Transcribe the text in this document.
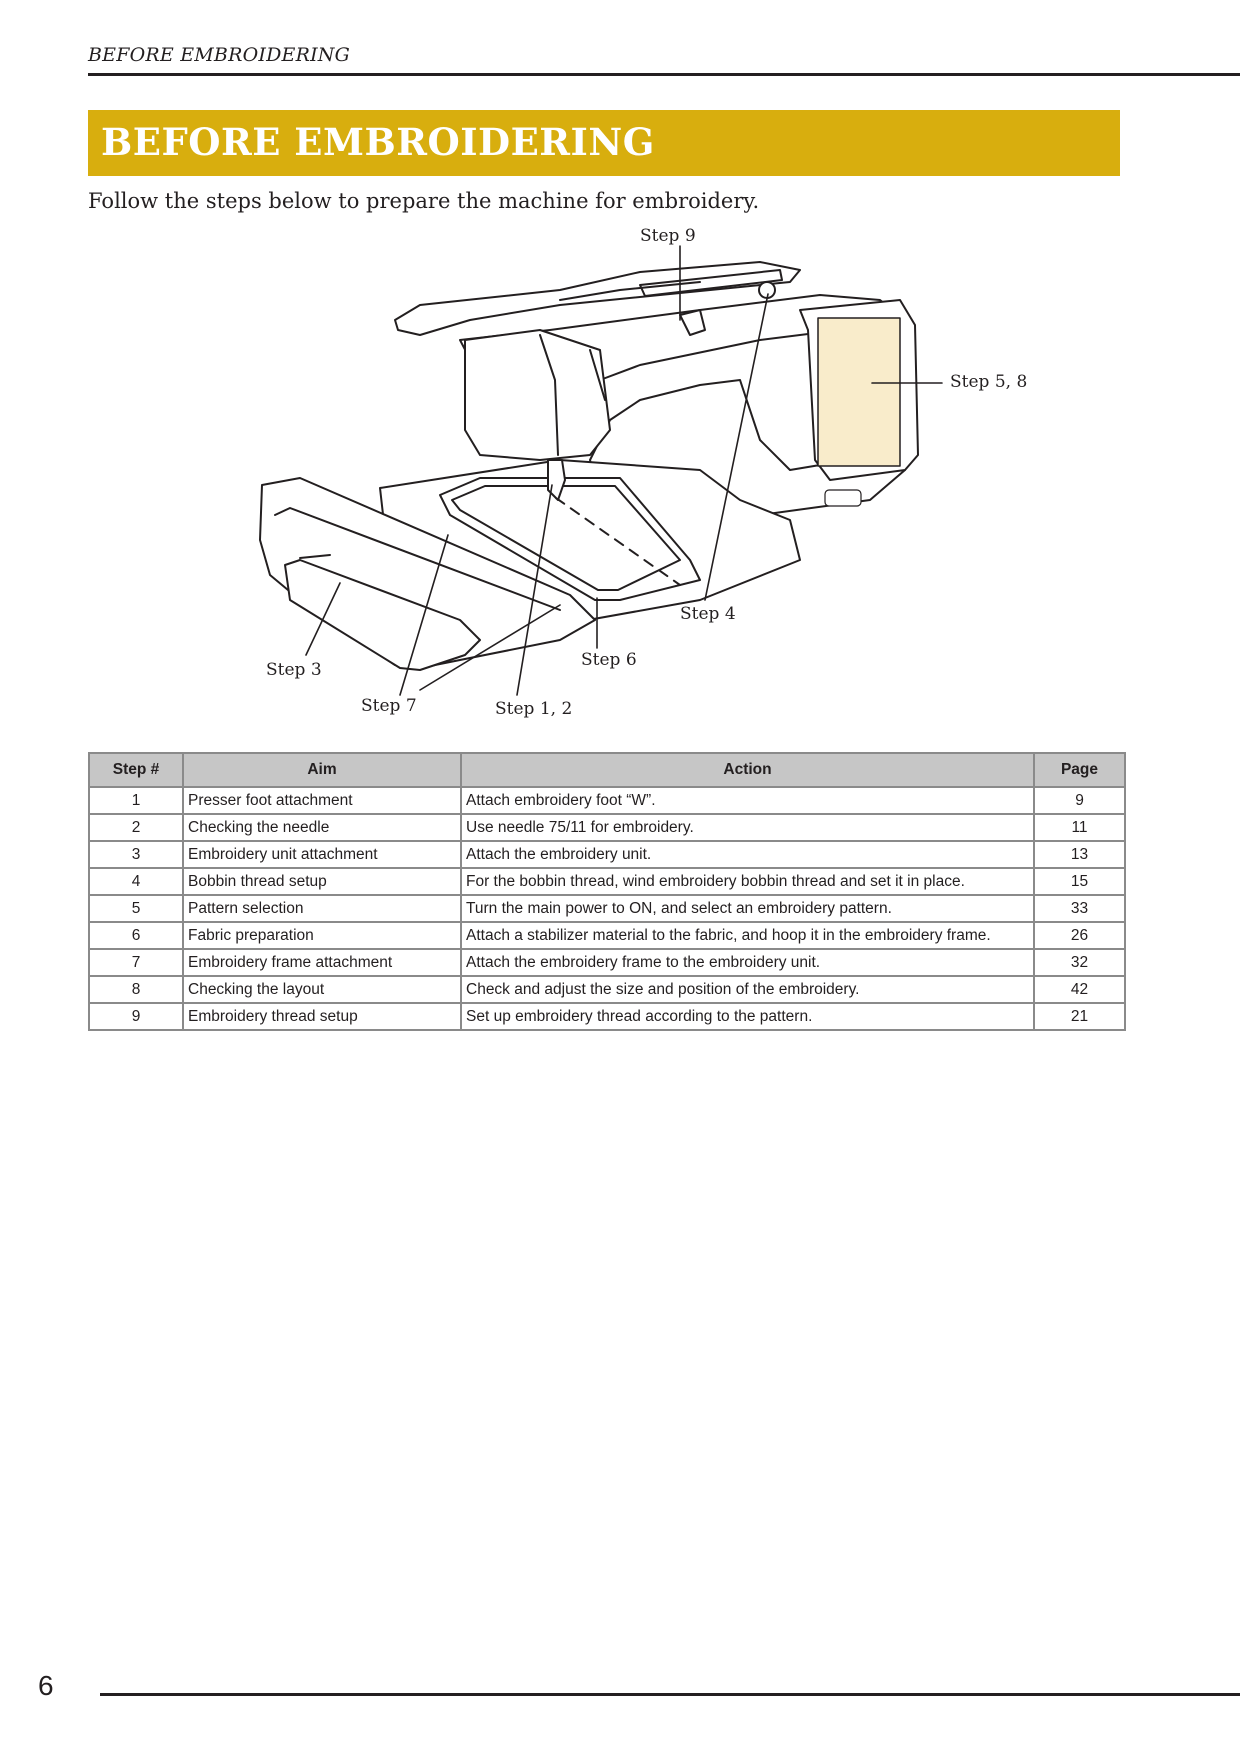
BEFORE EMBROIDERING
BEFORE EMBROIDERING
Follow the steps below to prepare the machine for embroidery.
Step 9
Step 5, 8
Step 4
Step 6
Step 3
Step 7	Step 1, 2
Step #	Aim	Action	Page
1	Presser foot attachment	Attach embroidery foot “W”.	9
2	Checking the needle	Use needle 75/11 for embroidery.	11
3	Embroidery unit attachment	Attach the embroidery unit.	13
4	Bobbin thread setup	For the bobbin thread, wind embroidery bobbin thread and set it in place.	15
5	Pattern selection	Turn the main power to ON, and select an embroidery pattern.	33
6	Fabric preparation	Attach a stabilizer material to the fabric, and hoop it in the embroidery frame.	26
7	Embroidery frame attachment	Attach the embroidery frame to the embroidery unit.	32
8	Checking the layout	Check and adjust the size and position of the embroidery.	42
9	Embroidery thread setup	Set up embroidery thread according to the pattern.	21
6
